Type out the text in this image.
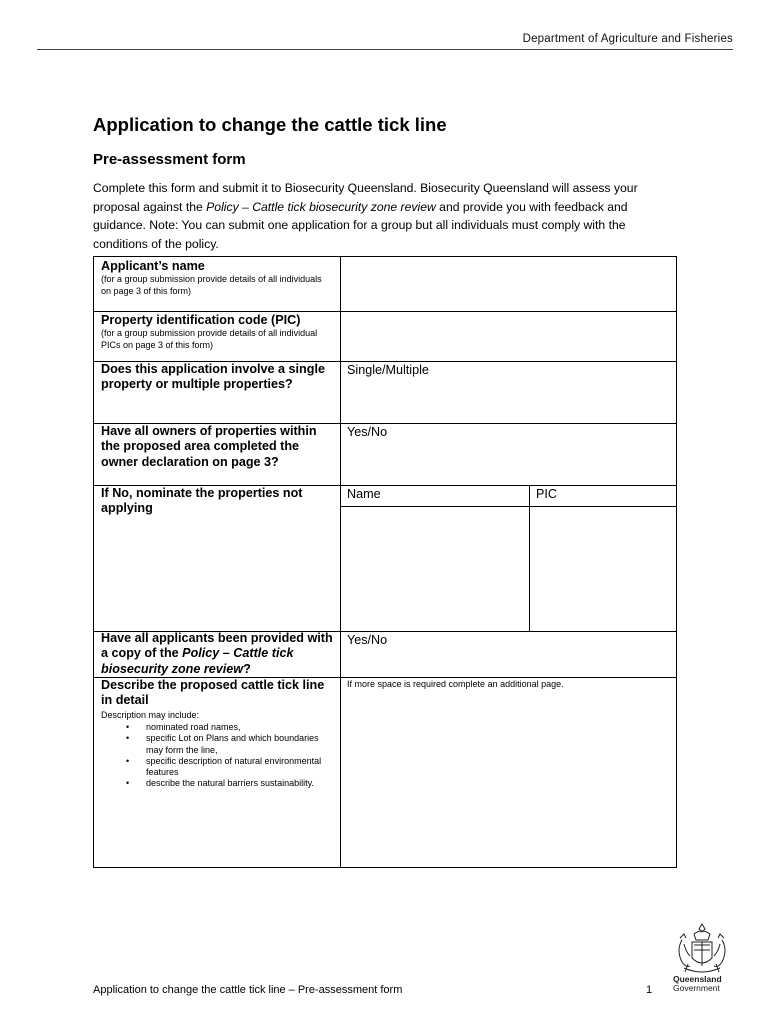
Department of Agriculture and Fisheries
Application to change the cattle tick line
Pre-assessment form

Complete this form and submit it to Biosecurity Queensland. Biosecurity Queensland will assess your proposal against the Policy – Cattle tick biosecurity zone review and provide you with feedback and guidance. Note: You can submit one application for a group but all individuals must comply with the conditions of the policy.

Applicant’s name
(for a group submission provide details of all individuals on page 3 of this form)
Property identification code (PIC)
(for a group submission provide details of all individual PICs on page 3 of this form)
Does this application involve a single property or multiple properties?
Single/Multiple
Have all owners of properties within the proposed area completed the owner declaration on page 3?
Yes/No
If No, nominate the properties not applying
Name	PIC
Have all applicants been provided with a copy of the Policy – Cattle tick biosecurity zone review?
Yes/No
Describe the proposed cattle tick line in detail
Description may include:
• nominated road names,
• specific Lot on Plans and which boundaries may form the line,
• specific description of natural environmental features
• describe the natural barriers sustainability.
If more space is required complete an additional page.
Queensland
Government
Application to change the cattle tick line – Pre-assessment form	1
